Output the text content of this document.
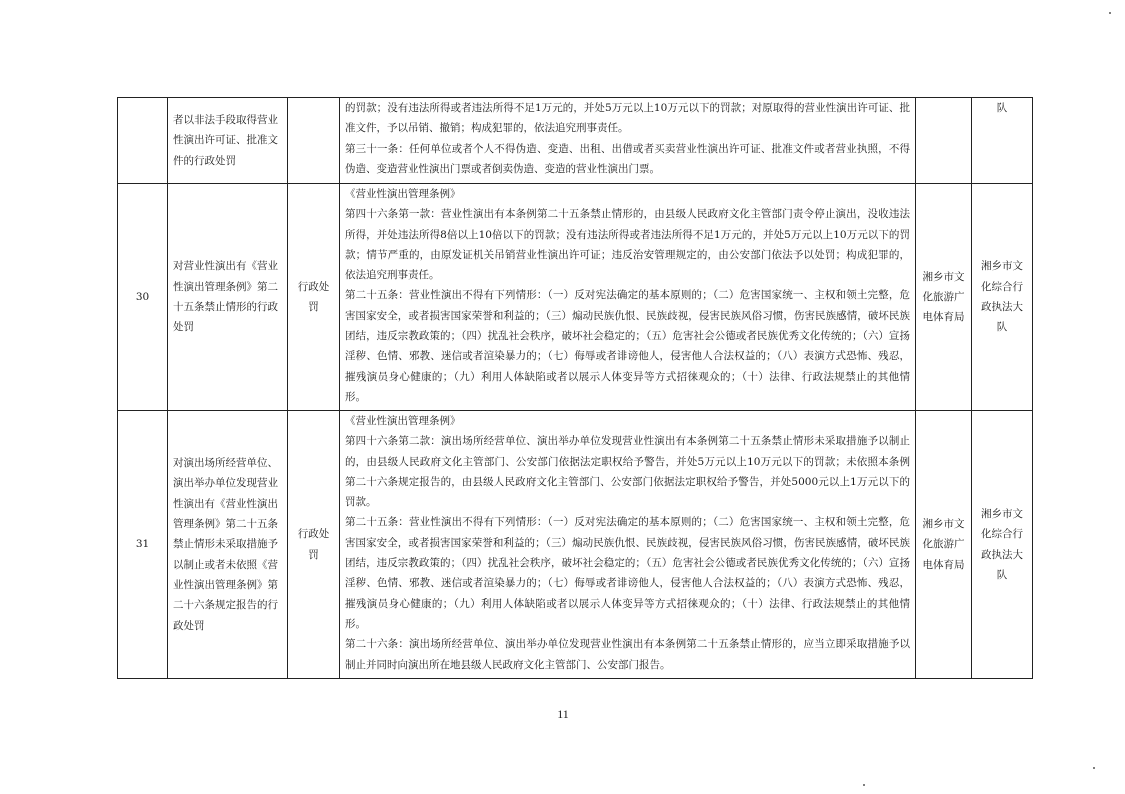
	者以非法手段取得营业性演出许可证、批准文件的行政处罚		的罚款；没有违法所得或者违法所得不足1万元的，并处5万元以上10万元以下的罚款；对原取得的营业性演出许可证、批准文件，予以吊销、撤销；构成犯罪的，依法追究刑事责任。

第三十一条：任何单位或者个人不得伪造、变造、出租、出借或者买卖营业性演出许可证、批准文件或者营业执照，不得伪造、变造营业性演出门票或者倒卖伪造、变造的营业性演出门票。		队
30	对营业性演出有《营业性演出管理条例》第二十五条禁止情形的行政处罚	行政处罚	《营业性演出管理条例》

第四十六条第一款：营业性演出有本条例第二十五条禁止情形的，由县级人民政府文化主管部门责令停止演出，没收违法所得，并处违法所得8倍以上10倍以下的罚款；没有违法所得或者违法所得不足1万元的，并处5万元以上10万元以下的罚款；情节严重的，由原发证机关吊销营业性演出许可证；违反治安管理规定的，由公安部门依法予以处罚；构成犯罪的，依法追究刑事责任。

第二十五条：营业性演出不得有下列情形：（一）反对宪法确定的基本原则的；（二）危害国家统一、主权和领土完整，危害国家安全，或者损害国家荣誉和利益的；（三）煽动民族仇恨、民族歧视，侵害民族风俗习惯，伤害民族感情，破坏民族团结，违反宗教政策的；（四）扰乱社会秩序，破坏社会稳定的；（五）危害社会公德或者民族优秀文化传统的；（六）宣扬淫秽、色情、邪教、迷信或者渲染暴力的；（七）侮辱或者诽谤他人，侵害他人合法权益的；（八）表演方式恐怖、残忍，摧残演员身心健康的；（九）利用人体缺陷或者以展示人体变异等方式招徕观众的；（十）法律、行政法规禁止的其他情形。	湘乡市文化旅游广电体育局	湘乡市文化综合行政执法大队
31	对演出场所经营单位、演出举办单位发现营业性演出有《营业性演出管理条例》第二十五条禁止情形未采取措施予以制止或者未依照《营业性演出管理条例》第二十六条规定报告的行政处罚	行政处罚	《营业性演出管理条例》

第四十六条第二款：演出场所经营单位、演出举办单位发现营业性演出有本条例第二十五条禁止情形未采取措施予以制止的，由县级人民政府文化主管部门、公安部门依据法定职权给予警告，并处5万元以上10万元以下的罚款；未依照本条例第二十六条规定报告的，由县级人民政府文化主管部门、公安部门依据法定职权给予警告，并处5000元以上1万元以下的罚款。

第二十五条：营业性演出不得有下列情形：（一）反对宪法确定的基本原则的；（二）危害国家统一、主权和领土完整，危害国家安全，或者损害国家荣誉和利益的；（三）煽动民族仇恨、民族歧视，侵害民族风俗习惯，伤害民族感情，破坏民族团结，违反宗教政策的；（四）扰乱社会秩序，破坏社会稳定的；（五）危害社会公德或者民族优秀文化传统的；（六）宣扬淫秽、色情、邪教、迷信或者渲染暴力的；（七）侮辱或者诽谤他人，侵害他人合法权益的；（八）表演方式恐怖、残忍，摧残演员身心健康的；（九）利用人体缺陷或者以展示人体变异等方式招徕观众的；（十）法律、行政法规禁止的其他情形。

第二十六条：演出场所经营单位、演出举办单位发现营业性演出有本条例第二十五条禁止情形的，应当立即采取措施予以制止并同时向演出所在地县级人民政府文化主管部门、公安部门报告。	湘乡市文化旅游广电体育局	湘乡市文化综合行政执法大队
11
